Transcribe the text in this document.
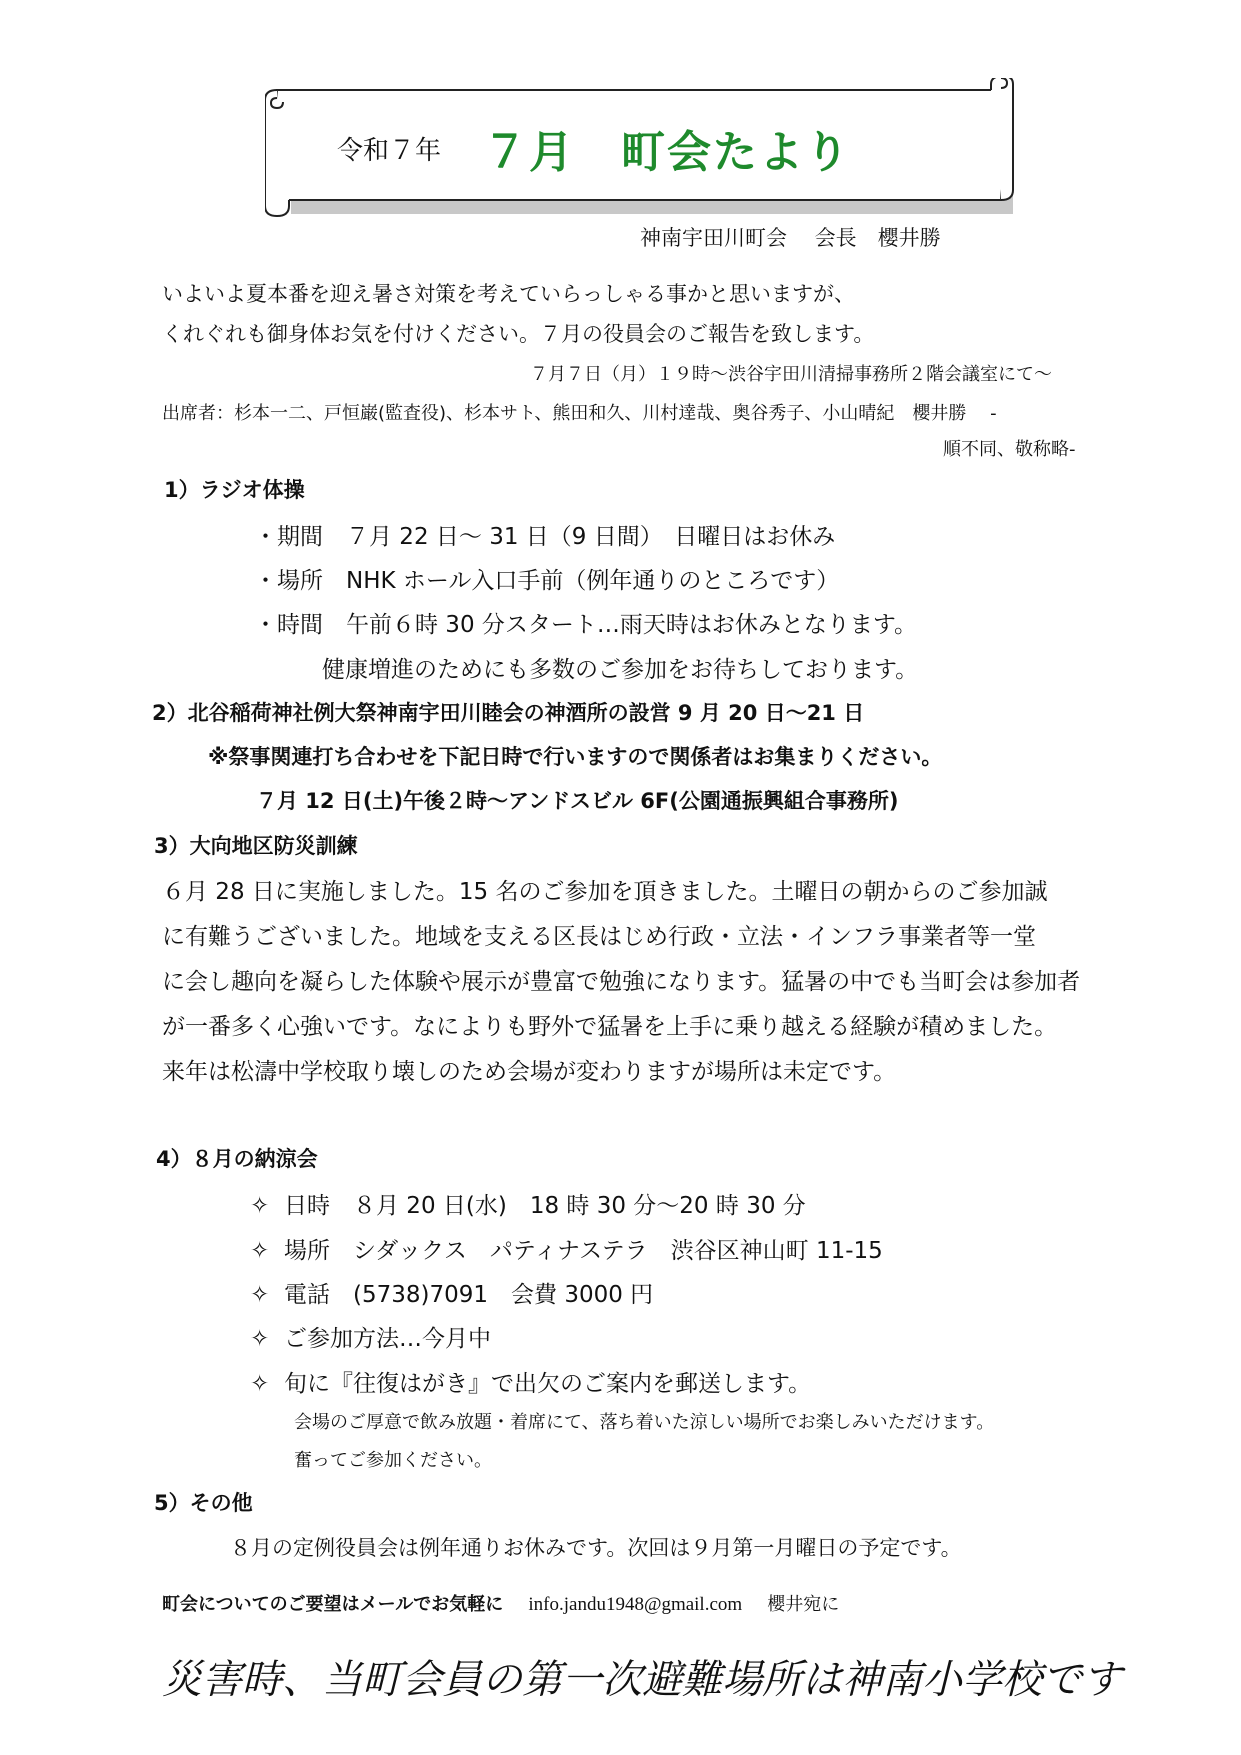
令和７年 ７月　町会たより
神南宇田川町会　 会長　櫻井勝
いよいよ夏本番を迎え暑さ対策を考えていらっしゃる事かと思いますが、
くれぐれも御身体お気を付けください。７月の役員会のご報告を致します。
７月７日（月）１９時～渋谷宇田川清掃事務所２階会議室にて～
出席者：杉本一二、戸恒巌(監査役)、杉本サト、熊田和久、川村達哉、奥谷秀子、小山晴紀　櫻井勝　 -
順不同、敬称略-
1）ラジオ体操
・期間　７月 22 日～ 31 日（9 日間）　日曜日はお休み
・場所　NHK ホール入口手前（例年通りのところです）
・時間　午前６時 30 分スタート…雨天時はお休みとなります。
健康増進のためにも多数のご参加をお待ちしております。
2）北谷稲荷神社例大祭神南宇田川睦会の神酒所の設営 9 月 20 日～21 日
※祭事関連打ち合わせを下記日時で行いますので関係者はお集まりください。
７月 12 日(土)午後２時～アンドスビル 6F(公園通振興組合事務所)
3）大向地区防災訓練
６月 28 日に実施しました。15 名のご参加を頂きました。土曜日の朝からのご参加誠
に有難うございました。地域を支える区長はじめ行政・立法・インフラ事業者等一堂
に会し趣向を凝らした体験や展示が豊富で勉強になります。猛暑の中でも当町会は参加者
が一番多く心強いです。なによりも野外で猛暑を上手に乗り越える経験が積めました。
来年は松濤中学校取り壊しのため会場が変わりますが場所は未定です。
4）８月の納涼会
✧ 日時　８月 20 日(水)　18 時 30 分～20 時 30 分
✧ 場所　シダックス　パティナステラ　渋谷区神山町 11-15
✧ 電話　(5738)7091　会費 3000 円
✧ ご参加方法…今月中
✧ 旬に『往復はがき』で出欠のご案内を郵送します。
会場のご厚意で飲み放題・着席にて、落ち着いた涼しい場所でお楽しみいただけます。
奮ってご参加ください。
5）その他
８月の定例役員会は例年通りお休みです。次回は９月第一月曜日の予定です。
町会についてのご要望はメールでお気軽に info.jandu1948@gmail.com 櫻井宛に
災害時、当町会員の第一次避難場所は神南小学校です
